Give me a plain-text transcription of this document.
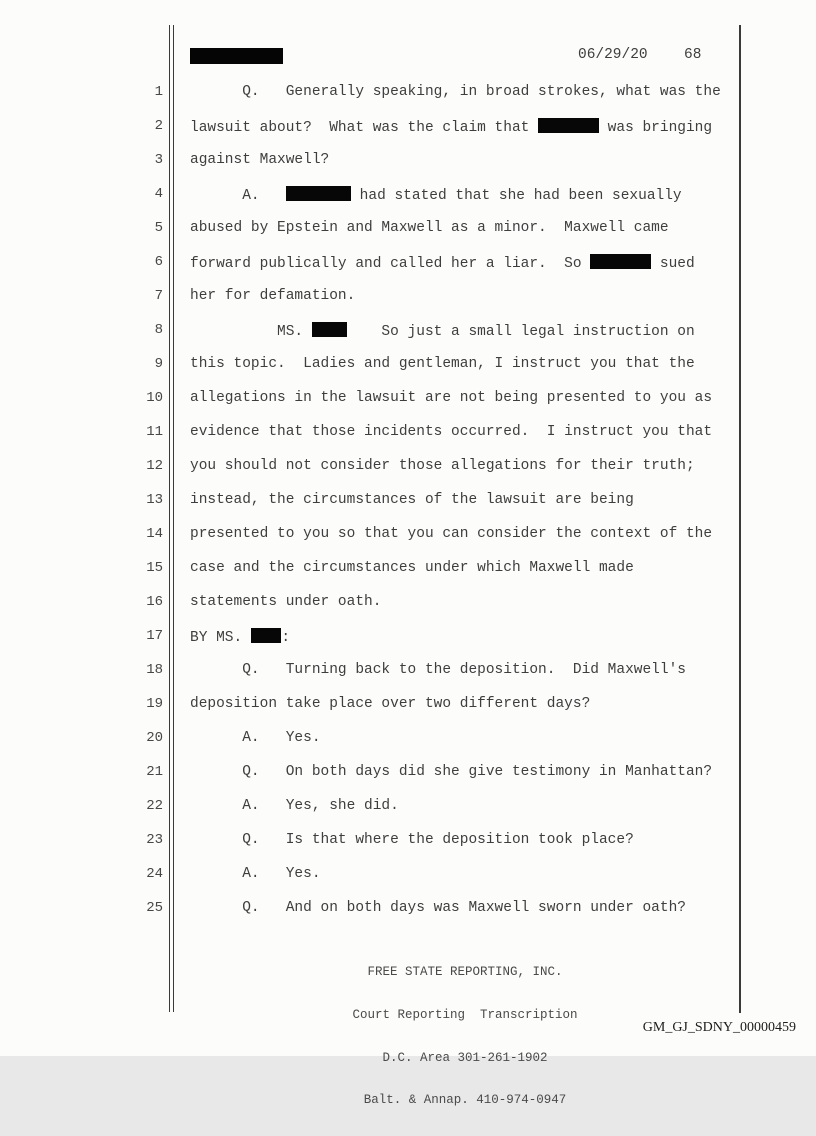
06/29/20	68
1 Q.   Generally speaking, in broad strokes, what was the
2 lawsuit about?  What was the claim that	was bringing
3 against Maxwell?
4 A.	had stated that she had been sexually
5 abused by Epstein and Maxwell as a minor.  Maxwell came
6 forward publically and called her a liar.  So	sued
7 her for defamation.
8 MS.     So just a small legal instruction on
9 this topic.  Ladies and gentleman, I instruct you that the
10 allegations in the lawsuit are not being presented to you as
11 evidence that those incidents occurred.  I instruct you that
12 you should not consider those allegations for their truth;
13 instead, the circumstances of the lawsuit are being
14 presented to you so that you can consider the context of the
15 case and the circumstances under which Maxwell made
16 statements under oath.
17 BY MS. :
18 Q.   Turning back to the deposition.  Did Maxwell's
19 deposition take place over two different days?
20 A.   Yes.
21 Q.   On both days did she give testimony in Manhattan?
22 A.   Yes, she did.
23 Q.   Is that where the deposition took place?
24 A.   Yes.
25 Q.   And on both days was Maxwell sworn under oath?

FREE STATE REPORTING, INC.

Court Reporting  Transcription

D.C. Area 301-261-1902

Balt. & Annap. 410-974-0947

GM_GJ_SDNY_00000459
